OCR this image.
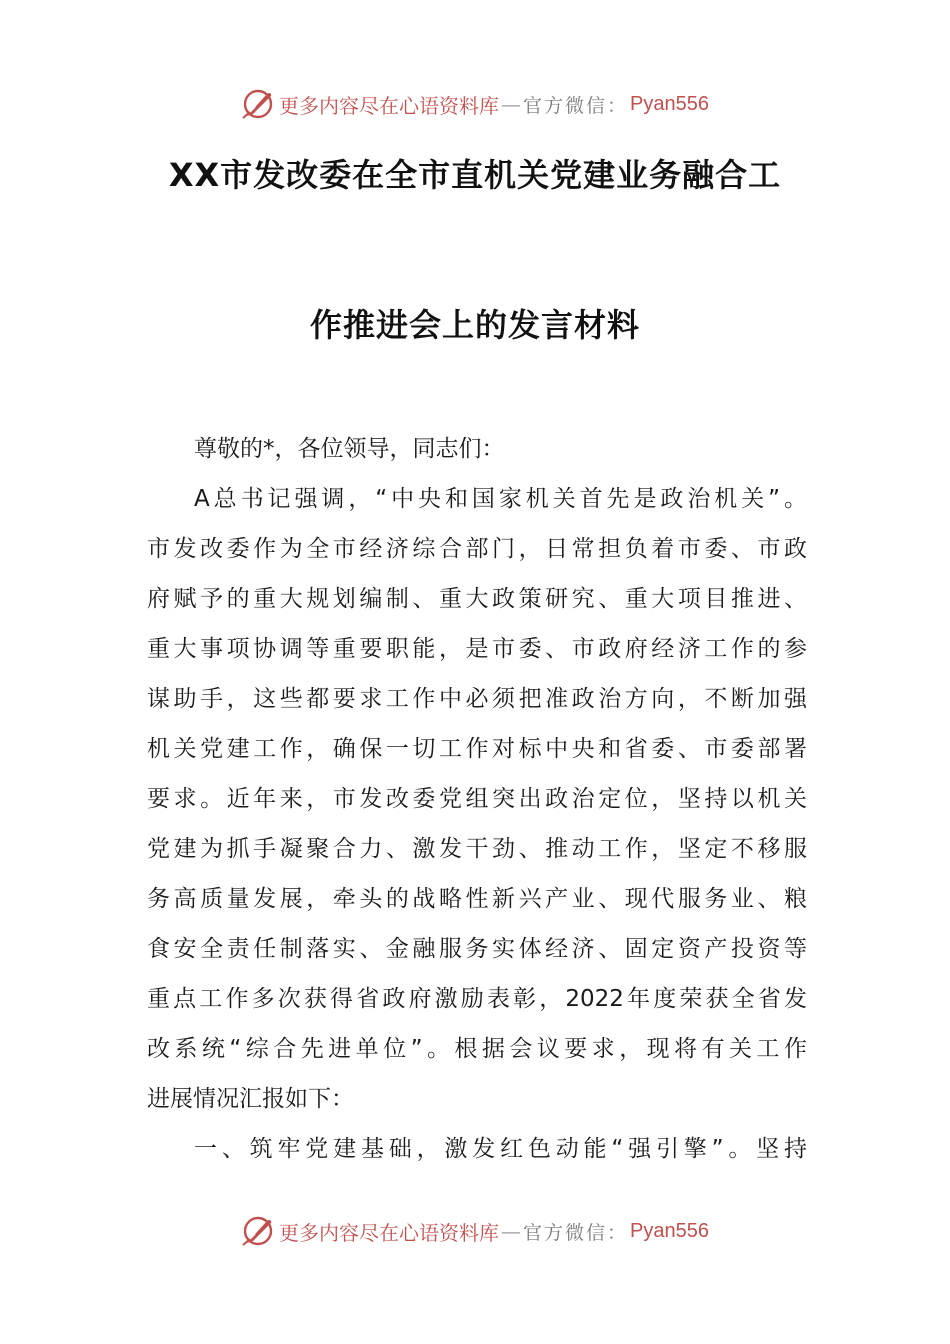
更多内容尽在心语资料库 — 官方微信： Pyan556
XX市发改委在全市直机关党建业务融合工
作推进会上的发言材料
尊敬的*，各位领导，同志们：
A总书记强调，“中央和国家机关首先是政治机关”。
市发改委作为全市经济综合部门，日常担负着市委、市政
府赋予的重大规划编制、重大政策研究、重大项目推进、
重大事项协调等重要职能，是市委、市政府经济工作的参
谋助手，这些都要求工作中必须把准政治方向，不断加强
机关党建工作，确保一切工作对标中央和省委、市委部署
要求。近年来，市发改委党组突出政治定位，坚持以机关
党建为抓手凝聚合力、激发干劲、推动工作，坚定不移服
务高质量发展，牵头的战略性新兴产业、现代服务业、粮
食安全责任制落实、金融服务实体经济、固定资产投资等
重点工作多次获得省政府激励表彰，2022年度荣获全省发
改系统“综合先进单位”。根据会议要求，现将有关工作
进展情况汇报如下：
一、筑牢党建基础，激发红色动能“强引擎”。坚持
更多内容尽在心语资料库 — 官方微信： Pyan556
